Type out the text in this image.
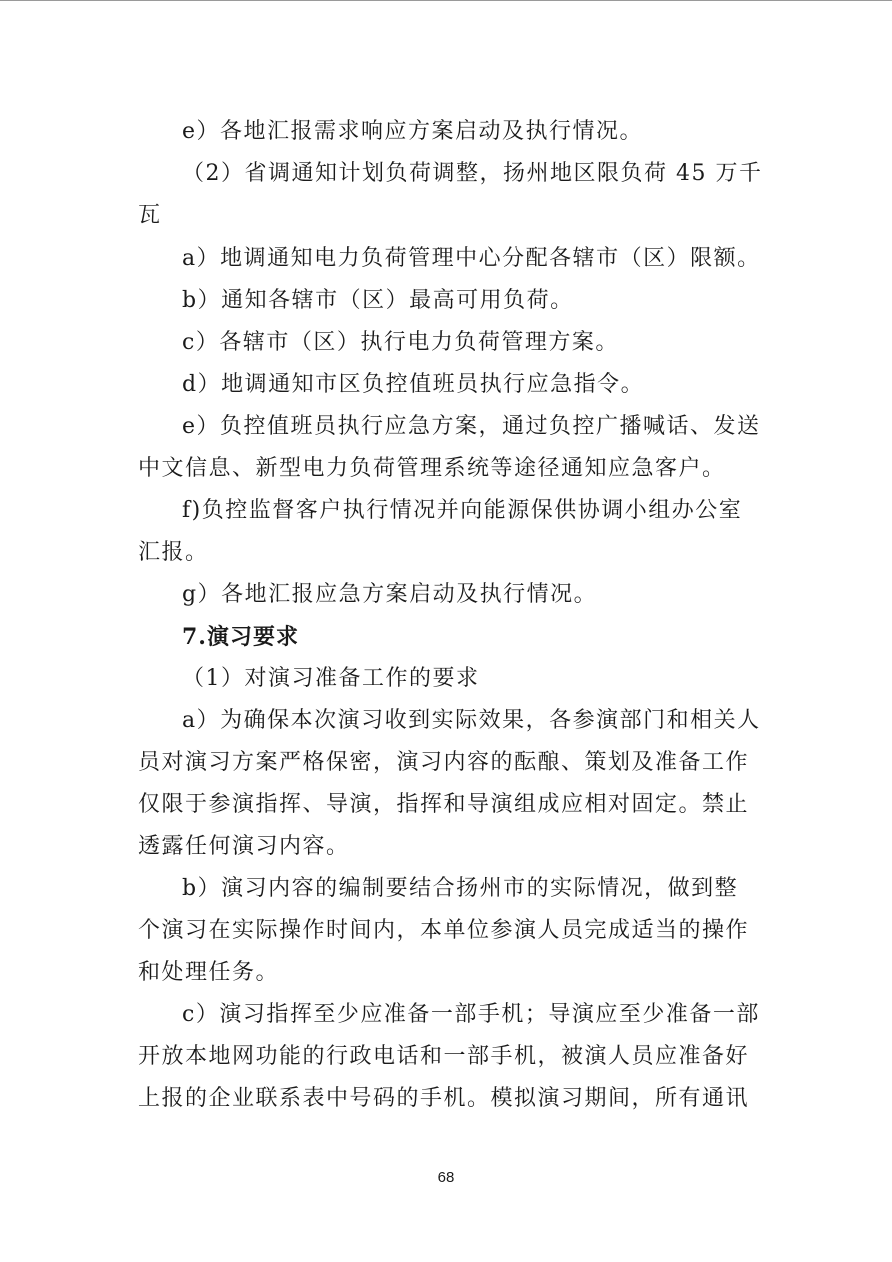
e）各地汇报需求响应方案启动及执行情况。
（2）省调通知计划负荷调整，扬州地区限负荷 45 万千
瓦
a）地调通知电力负荷管理中心分配各辖市（区）限额。
b）通知各辖市（区）最高可用负荷。
c）各辖市（区）执行电力负荷管理方案。
d）地调通知市区负控值班员执行应急指令。
e）负控值班员执行应急方案，通过负控广播喊话、发送
中文信息、新型电力负荷管理系统等途径通知应急客户。
f)负控监督客户执行情况并向能源保供协调小组办公室
汇报。
g）各地汇报应急方案启动及执行情况。
7.演习要求
（1）对演习准备工作的要求
a）为确保本次演习收到实际效果，各参演部门和相关人
员对演习方案严格保密，演习内容的酝酿、策划及准备工作
仅限于参演指挥、导演，指挥和导演组成应相对固定。禁止
透露任何演习内容。
b）演习内容的编制要结合扬州市的实际情况，做到整
个演习在实际操作时间内，本单位参演人员完成适当的操作
和处理任务。
c）演习指挥至少应准备一部手机；导演应至少准备一部
开放本地网功能的行政电话和一部手机，被演人员应准备好
上报的企业联系表中号码的手机。模拟演习期间，所有通讯
68
